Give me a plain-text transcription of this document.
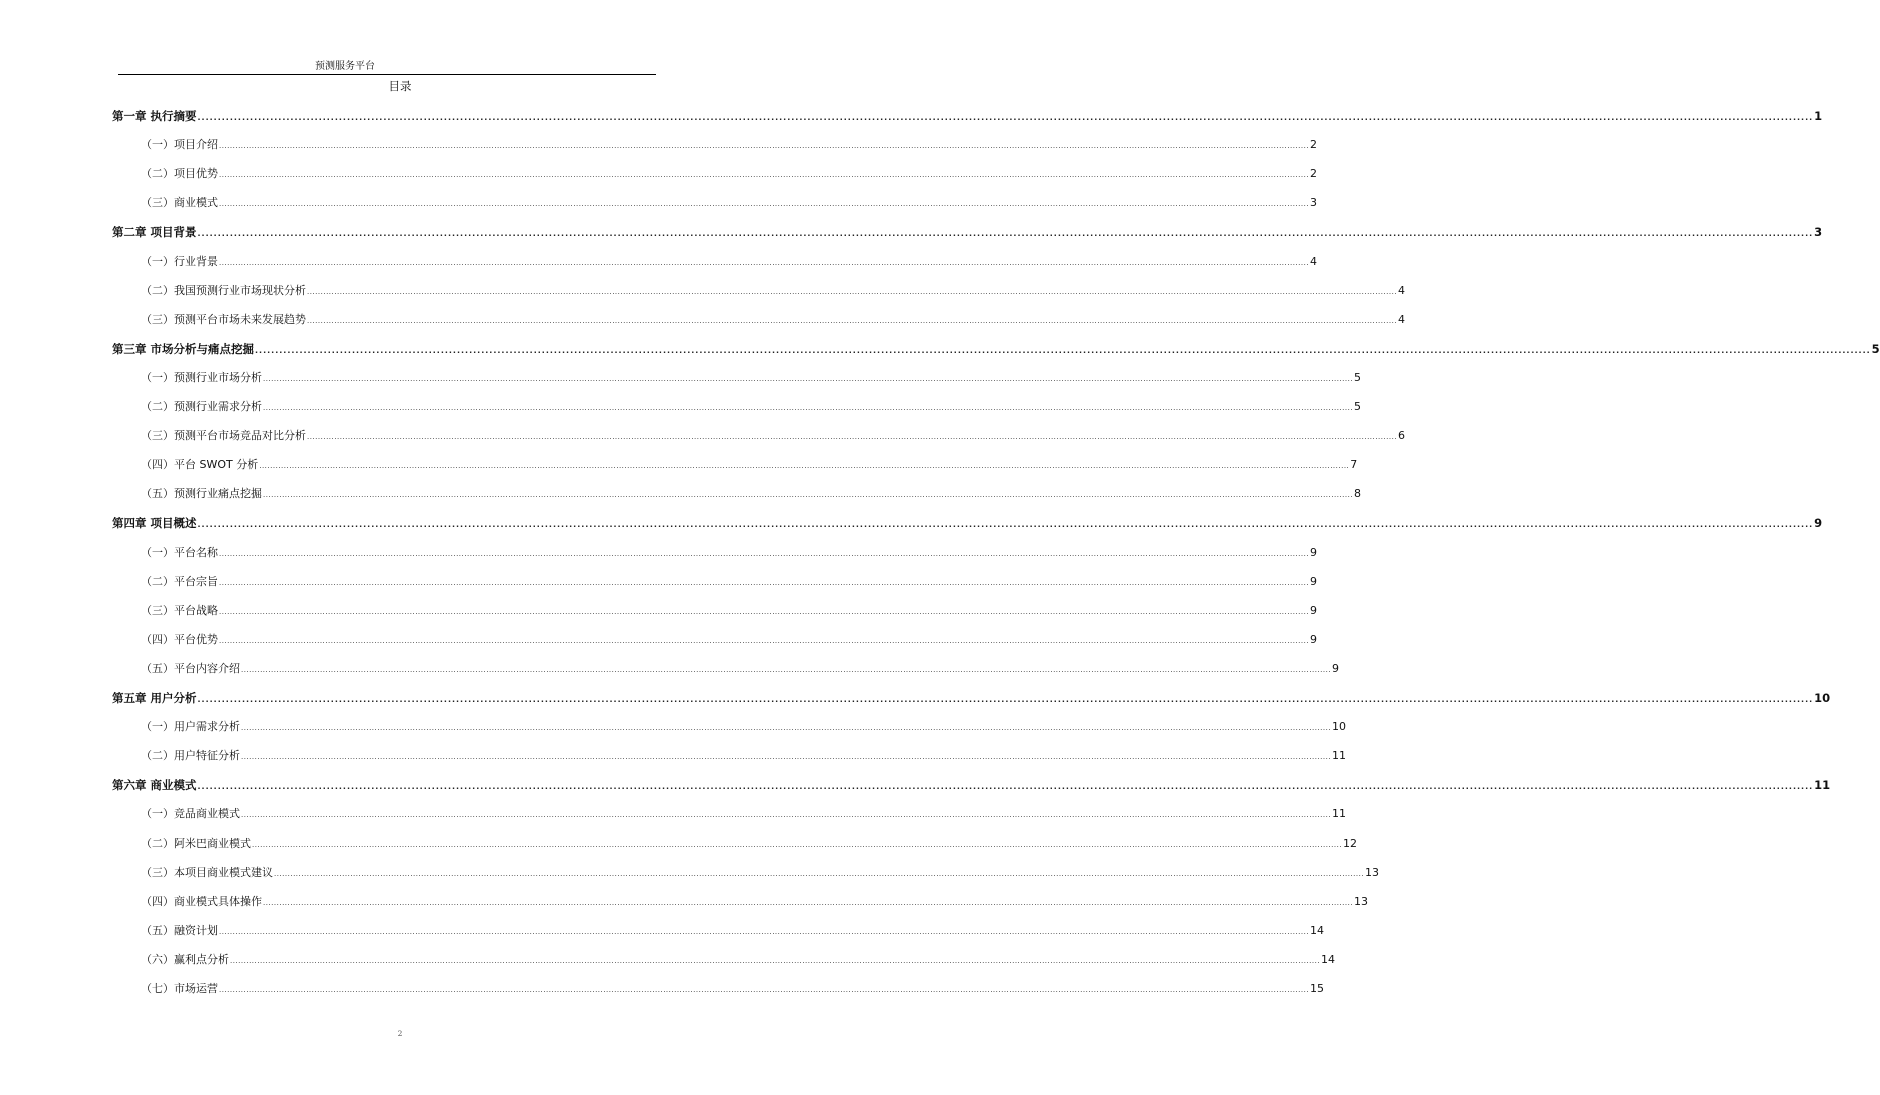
预测服务平台
目录
第一章 执行摘要 ................................................................................................................................................................................................................................................................................................................................................................................................................ 1
（一）项目介绍 ................................................................................................................................................................................................................................................................................................................................................................................................................ 2
（二）项目优势 ................................................................................................................................................................................................................................................................................................................................................................................................................ 2
（三）商业模式 ................................................................................................................................................................................................................................................................................................................................................................................................................ 3
第二章 项目背景 ................................................................................................................................................................................................................................................................................................................................................................................................................ 3
（一）行业背景 ................................................................................................................................................................................................................................................................................................................................................................................................................ 4
（二）我国预测行业市场现状分析 ................................................................................................................................................................................................................................................................................................................................................................................................................ 4
（三）预测平台市场未来发展趋势 ................................................................................................................................................................................................................................................................................................................................................................................................................ 4
第三章 市场分析与痛点挖掘 ................................................................................................................................................................................................................................................................................................................................................................................................................ 5
（一）预测行业市场分析 ................................................................................................................................................................................................................................................................................................................................................................................................................ 5
（二）预测行业需求分析 ................................................................................................................................................................................................................................................................................................................................................................................................................ 5
（三）预测平台市场竞品对比分析 ................................................................................................................................................................................................................................................................................................................................................................................................................ 6
（四）平台 SWOT 分析 ................................................................................................................................................................................................................................................................................................................................................................................................................ 7
（五）预测行业痛点挖掘 ................................................................................................................................................................................................................................................................................................................................................................................................................ 8
第四章 项目概述 ................................................................................................................................................................................................................................................................................................................................................................................................................ 9
（一）平台名称 ................................................................................................................................................................................................................................................................................................................................................................................................................ 9
（二）平台宗旨 ................................................................................................................................................................................................................................................................................................................................................................................................................ 9
（三）平台战略 ................................................................................................................................................................................................................................................................................................................................................................................................................ 9
（四）平台优势 ................................................................................................................................................................................................................................................................................................................................................................................................................ 9
（五）平台内容介绍 ................................................................................................................................................................................................................................................................................................................................................................................................................ 9
第五章 用户分析 ................................................................................................................................................................................................................................................................................................................................................................................................................ 10
（一）用户需求分析 ................................................................................................................................................................................................................................................................................................................................................................................................................ 10
（二）用户特征分析 ................................................................................................................................................................................................................................................................................................................................................................................................................ 11
第六章 商业模式 ................................................................................................................................................................................................................................................................................................................................................................................................................ 11
（一）竞品商业模式 ................................................................................................................................................................................................................................................................................................................................................................................................................ 11
（二）阿米巴商业模式 ................................................................................................................................................................................................................................................................................................................................................................................................................ 12
（三）本项目商业模式建议 ................................................................................................................................................................................................................................................................................................................................................................................................................ 13
（四）商业模式具体操作 ................................................................................................................................................................................................................................................................................................................................................................................................................ 13
（五）融资计划 ................................................................................................................................................................................................................................................................................................................................................................................................................ 14
（六）赢利点分析 ................................................................................................................................................................................................................................................................................................................................................................................................................ 14
（七）市场运营 ................................................................................................................................................................................................................................................................................................................................................................................................................ 15
2
